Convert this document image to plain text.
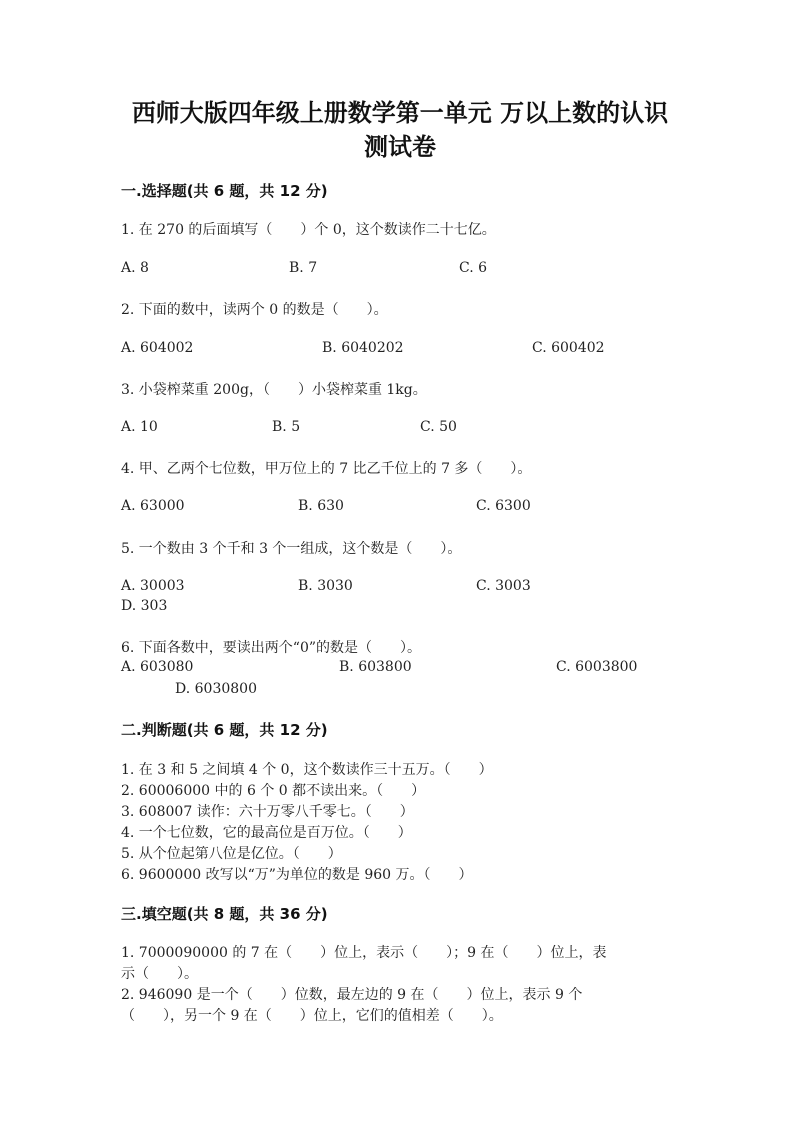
西师大版四年级上册数学第一单元 万以上数的认识
测试卷
一.选择题(共 6 题，共 12 分)
1. 在 270 的后面填写（　　）个 0，这个数读作二十七亿。
A. 8	B. 7	C. 6
2. 下面的数中，读两个 0 的数是（　　）。
A. 604002	B. 6040202	C. 600402
3. 小袋榨菜重 200g，（　　）小袋榨菜重 1kg。
A. 10	B. 5	C. 50
4. 甲、乙两个七位数，甲万位上的 7 比乙千位上的 7 多（　　）。
A. 63000	B. 630	C. 6300
5. 一个数由 3 个千和 3 个一组成，这个数是（　　）。
A. 30003	B. 3030	C. 3003
D. 303
6. 下面各数中，要读出两个“0”的数是（　　）。
A. 603080	B. 603800	C. 6003800
D. 6030800
二.判断题(共 6 题，共 12 分)
1. 在 3 和 5 之间填 4 个 0，这个数读作三十五万。（　　）
2. 60006000 中的 6 个 0 都不读出来。（　　）
3. 608007 读作：六十万零八千零七。（　　）
4. 一个七位数，它的最高位是百万位。（　　）
5. 从个位起第八位是亿位。（　　）
6. 9600000 改写以“万”为单位的数是 960 万。（　　）
三.填空题(共 8 题，共 36 分)
1. 7000090000 的 7 在（　　）位上，表示（　　）；9 在（　　）位上，表
示（　　）。
2. 946090 是一个（　　）位数，最左边的 9 在（　　）位上，表示 9 个
（　　），另一个 9 在（　　）位上，它们的值相差（　　）。
